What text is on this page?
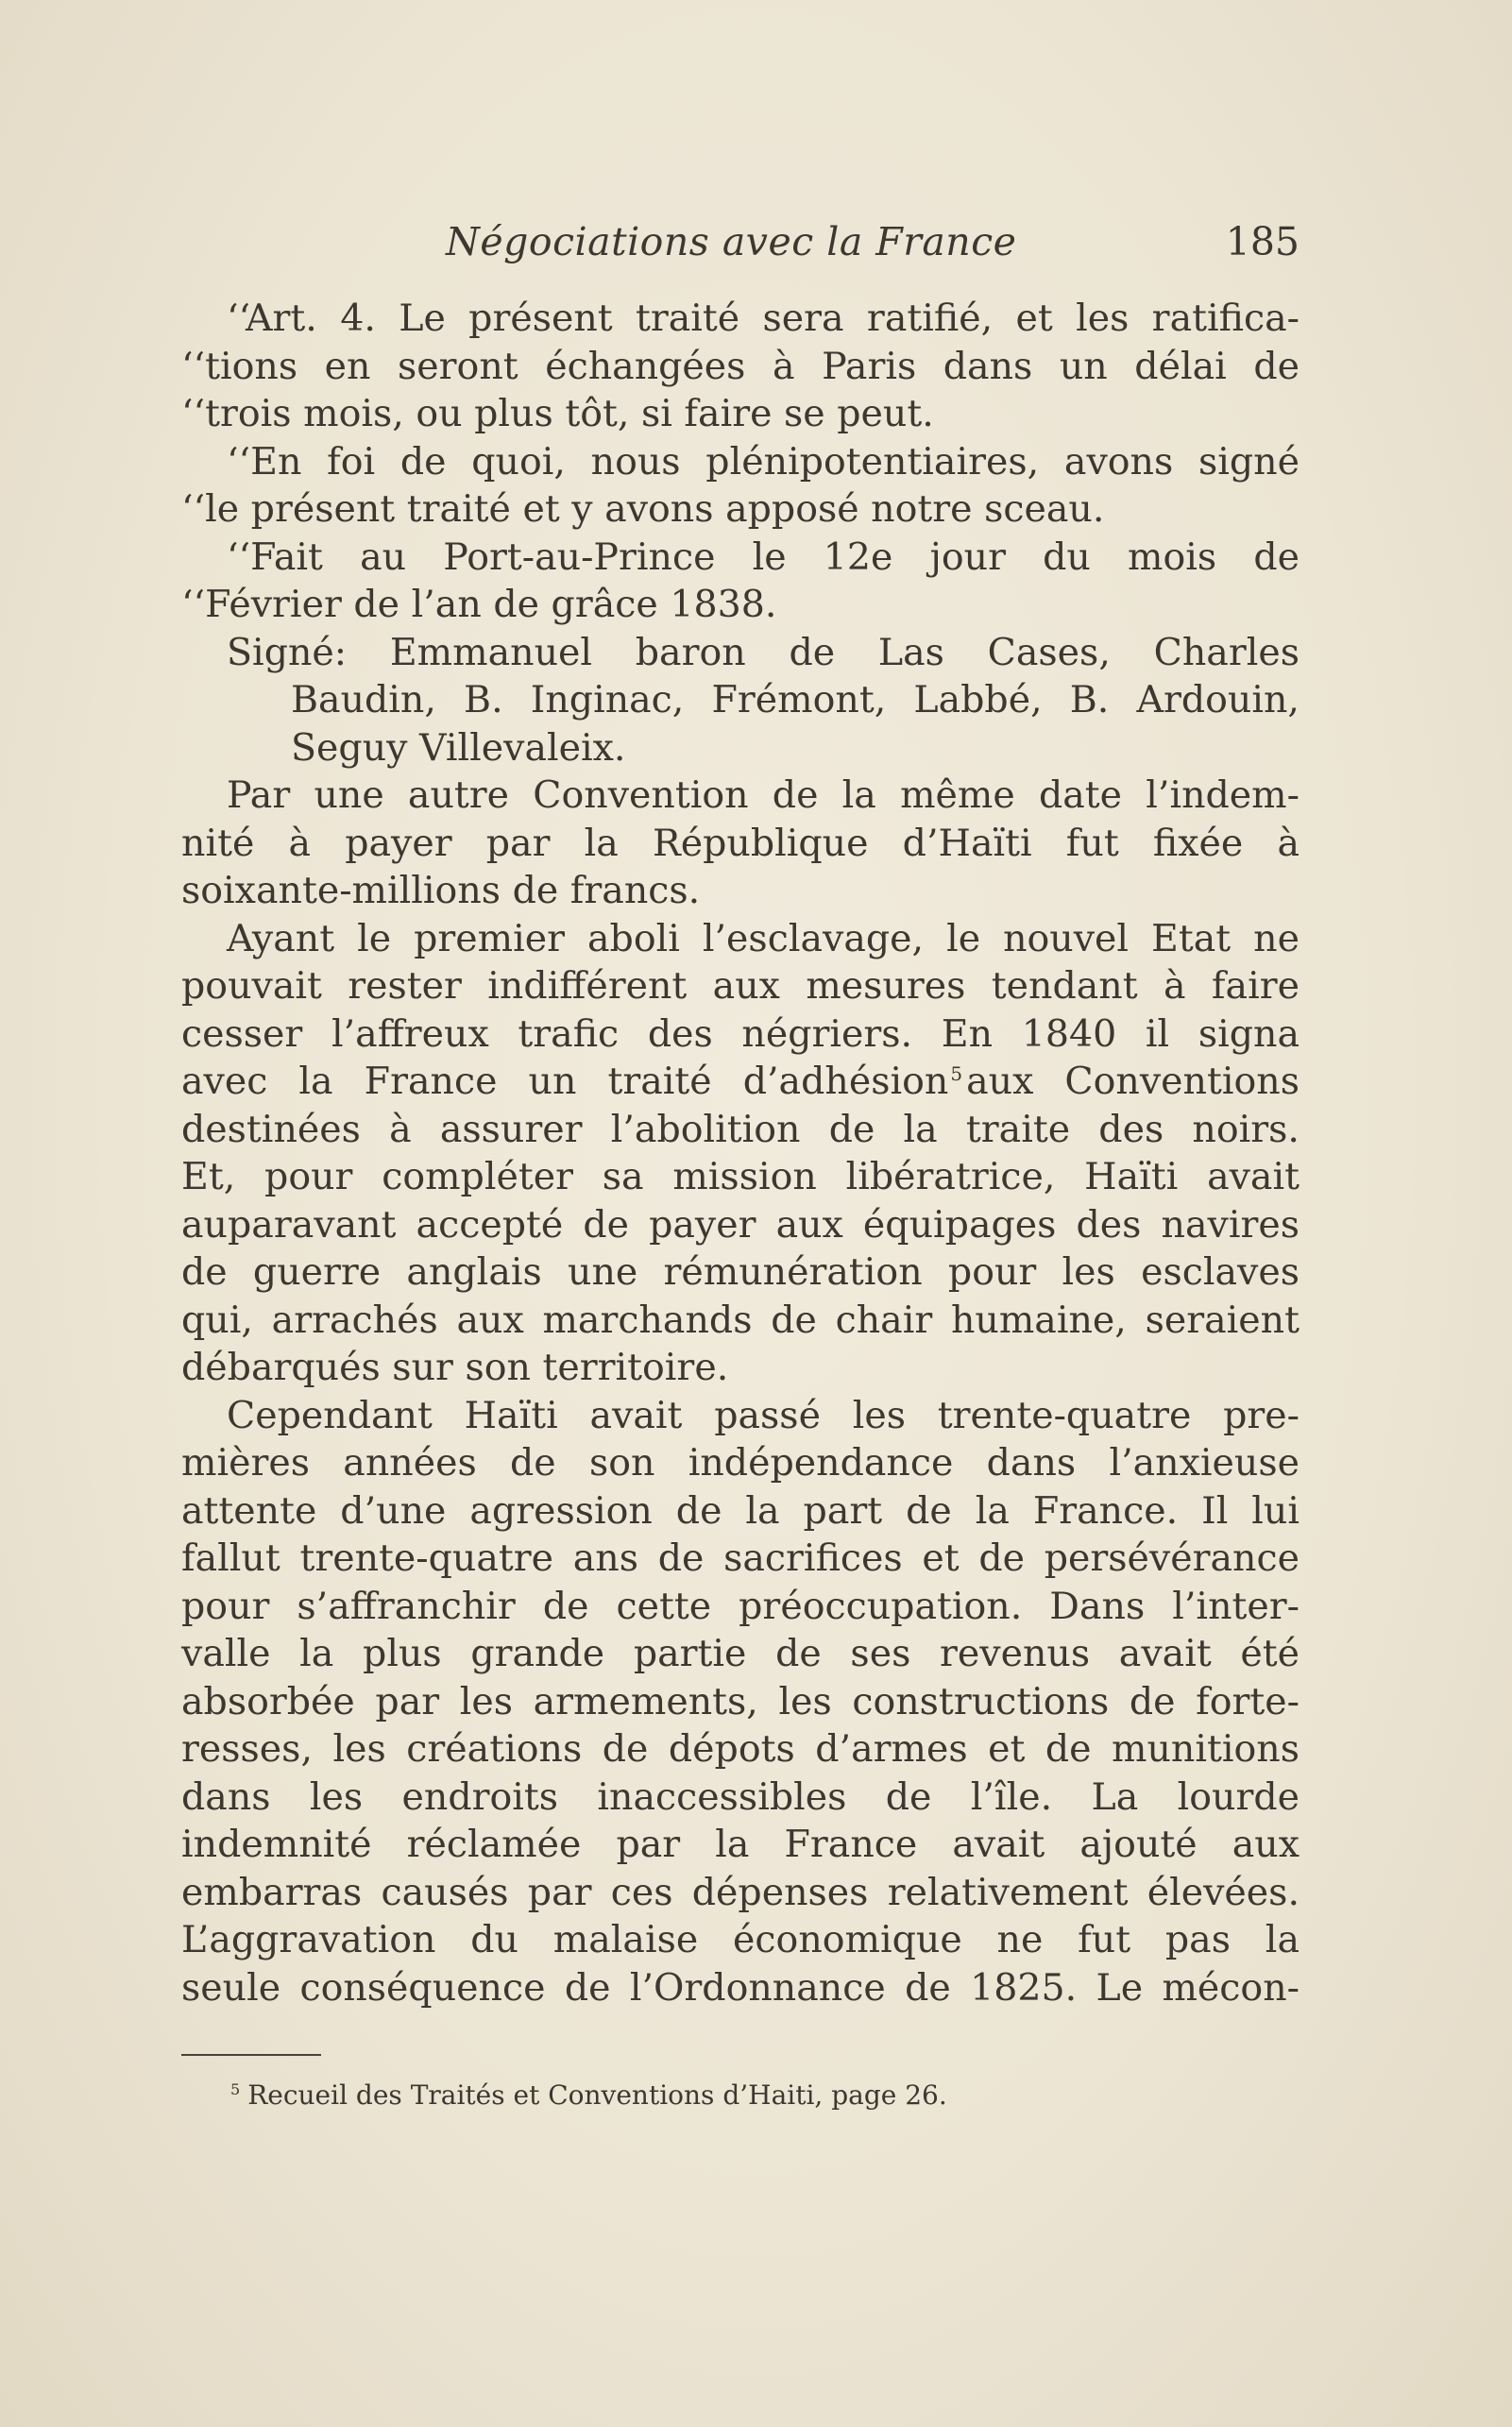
Négociations avec la France	185

‘‘Art. 4. Le présent traité sera ratifié, et les ratifica-

‘‘tions en seront échangées à Paris dans un délai de

‘‘trois mois, ou plus tôt, si faire se peut.

‘‘En foi de quoi, nous plénipotentiaires, avons signé

‘‘le présent traité et y avons apposé notre sceau.

‘‘Fait au Port-au-Prince le 12e jour du mois de

‘‘Février de l’an de grâce 1838.

Signé: Emmanuel baron de Las Cases, Charles

Baudin, B. Inginac, Frémont, Labbé, B. Ardouin,

Seguy Villevaleix.

Par une autre Convention de la même date l’indem-

nité à payer par la République d’Haïti fut fixée à

soixante-millions de francs.

Ayant le premier aboli l’esclavage, le nouvel Etat ne

pouvait rester indifférent aux mesures tendant à faire

cesser l’affreux trafic des négriers. En 1840 il signa

avec la France un traité d’adhésion $^5$ aux Conventions

destinées à assurer l’abolition de la traite des noirs.

Et, pour compléter sa mission libératrice, Haïti avait

auparavant accepté de payer aux équipages des navires

de guerre anglais une rémunération pour les esclaves

qui, arrachés aux marchands de chair humaine, seraient

débarqués sur son territoire.

Cependant Haïti avait passé les trente-quatre pre-

mières années de son indépendance dans l’anxieuse

attente d’une agression de la part de la France. Il lui

fallut trente-quatre ans de sacrifices et de persévérance

pour s’affranchir de cette préoccupation. Dans l’inter-

valle la plus grande partie de ses revenus avait été

absorbée par les armements, les constructions de forte-

resses, les créations de dépots d’armes et de munitions

dans les endroits inaccessibles de l’île. La lourde

indemnité réclamée par la France avait ajouté aux

embarras causés par ces dépenses relativement élevées.

L’aggravation du malaise économique ne fut pas la

seule conséquence de l’Ordonnance de 1825. Le mécon-

$^5$ Recueil des Traités et Conventions d’Haiti, page 26.
